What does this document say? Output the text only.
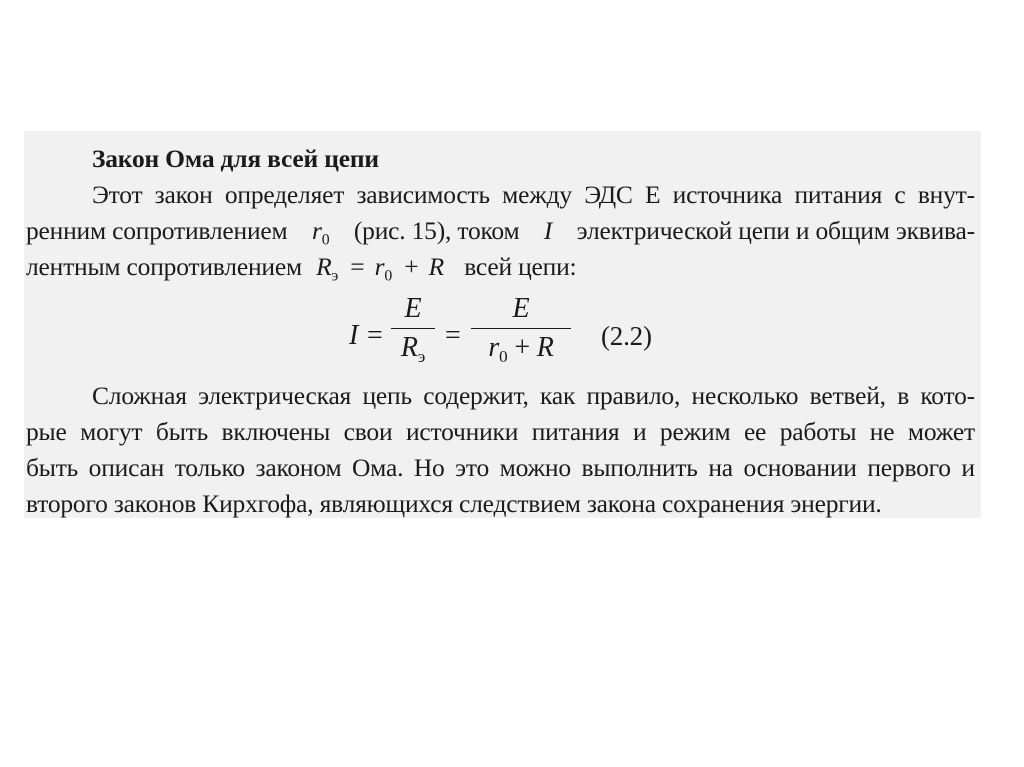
Закон Ома для всей цепи
Этот закон определяет зависимость между ЭДС Е источника питания с внут-
ренним сопротивлением $r_0$ (рис. 15), током I электрической цепи и общим эквива-
лентным сопротивлением $R_э = r_0 + R$ всей цепи:
I =
E
$R_э$
=
E
$r_0 + R$	(2.2)
Сложная электрическая цепь содержит, как правило, несколько ветвей, в кото-
рые могут быть включены свои источники питания и режим ее работы не может
быть описан только законом Ома. Но это можно выполнить на основании первого и
второго законов Кирхгофа, являющихся следствием закона сохранения энергии.
